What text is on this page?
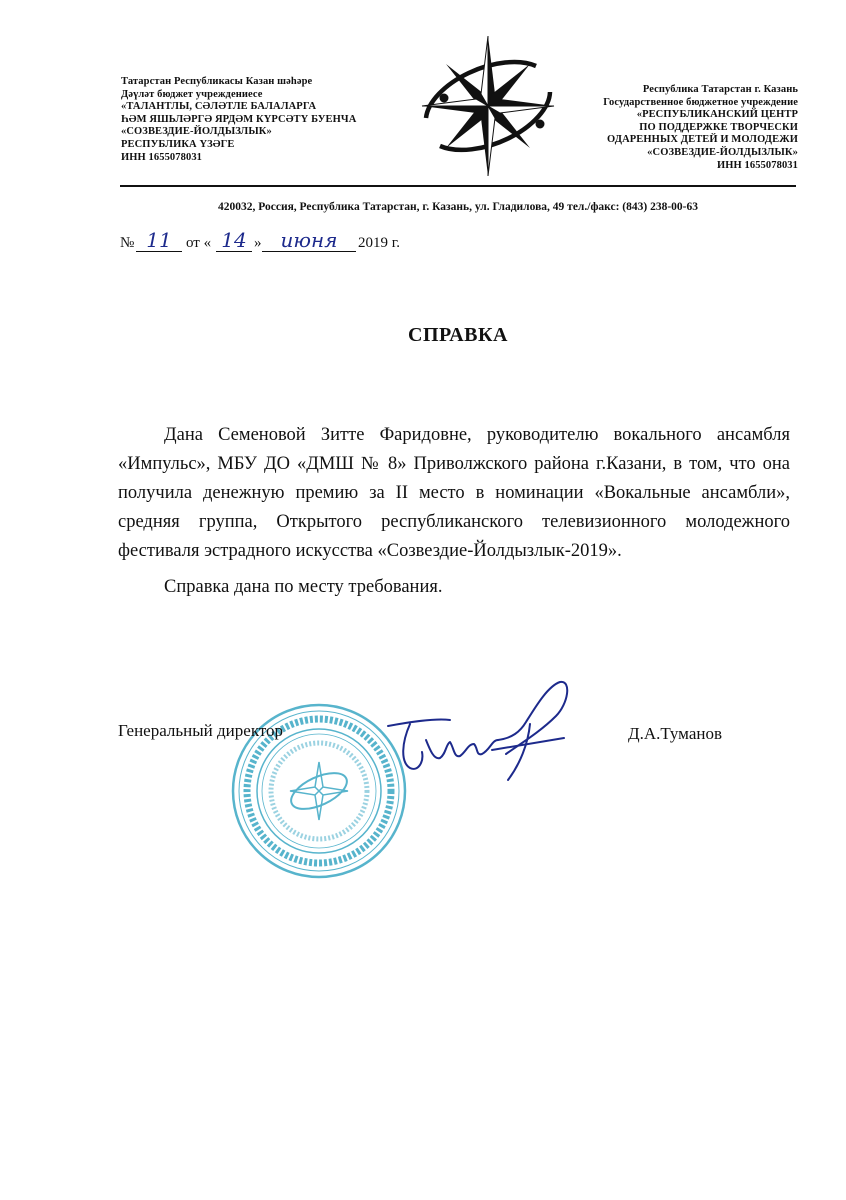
Татарстан Республикасы Казан шәһәре
Дәүләт бюджет учреждениесе
«ТАЛАНТЛЫ, СӘЛӘТЛЕ БАЛАЛАРГА
ҺӘМ ЯШЬЛӘРГӘ ЯРДӘМ КҮРСӘТҮ БУЕНЧА
«СОЗВЕЗДИЕ-ЙОЛДЫЗЛЫК»
РЕСПУБЛИКА ҮЗӘГЕ
ИНН 1655078031
Республика Татарстан г. Казань
Государственное бюджетное учреждение
«РЕСПУБЛИКАНСКИЙ ЦЕНТР
ПО ПОДДЕРЖКЕ ТВОРЧЕСКИ
ОДАРЕННЫХ ДЕТЕЙ И МОЛОДЕЖИ
«СОЗВЕЗДИЕ-ЙОЛДЫЗЛЫК»
ИНН 1655078031
420032, Россия, Республика Татарстан, г. Казань, ул. Гладилова, 49 тел./факс: (843) 238-00-63
№ 11 от « 14 » июня	2019 г.
СПРАВКА
Дана Семеновой Зитте Фаридовне, руководителю вокального ансамбля «Импульс», МБУ ДО «ДМШ № 8» Приволжского района г.Казани, в том, что она получила денежную премию за II место в номинации «Вокальные ансамбли», средняя группа, Открытого республиканского телевизионного молодежного фестиваля эстрадного искусства «Созвездие-Йолдызлык-2019».
Справка дана по месту требования.
Генеральный директор	Д.А.Туманов
